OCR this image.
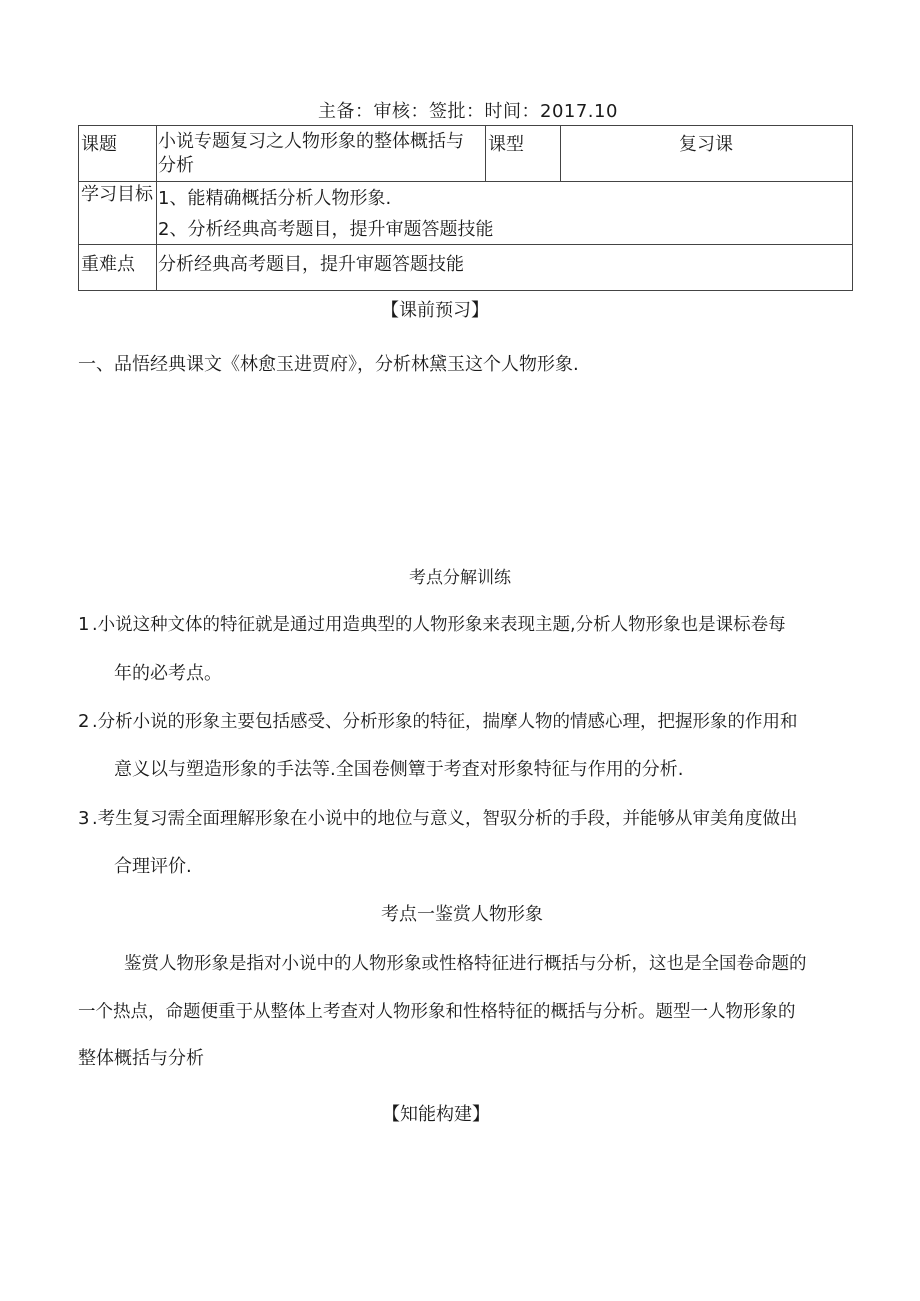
主备：审核：签批：时间：2017.10
课题 小说专题复习之人物形象的整体概括与
分析
课型	复习课
学习目标 1、能精确概括分析人物形象.
2、分析经典高考题目，提升审题答题技能
重难点 分析经典高考题目，提升审题答题技能
【课前预习】
一、品悟经典课文《林愈玉进贾府》，分析林黛玉这个人物形象.
考点分解训练
1 .小说这种文体的特征就是通过用造典型的人物形象来表现主题,分析人物形象也是课标卷每
年的必考点。
2 .分析小说的形象主要包括感受、分析形象的特征，揣摩人物的情感心理，把握形象的作用和
意义以与塑造形象的手法等.全国卷侧簟于考査对形象特征与作用的分析.
3 .考生复习需全面理解形象在小说中的地位与意义，智驭分析的手段，并能够从审美角度做出
合理评价.
考点一鉴赏人物形象
鉴赏人物形象是指对小说中的人物形象或性格特征进行概括与分析，这也是全国卷命题的
一个热点，命题便重于从整体上考查对人物形象和性格特征的概括与分析。题型一人物形象的
整体概括与分析
【知能构建】
